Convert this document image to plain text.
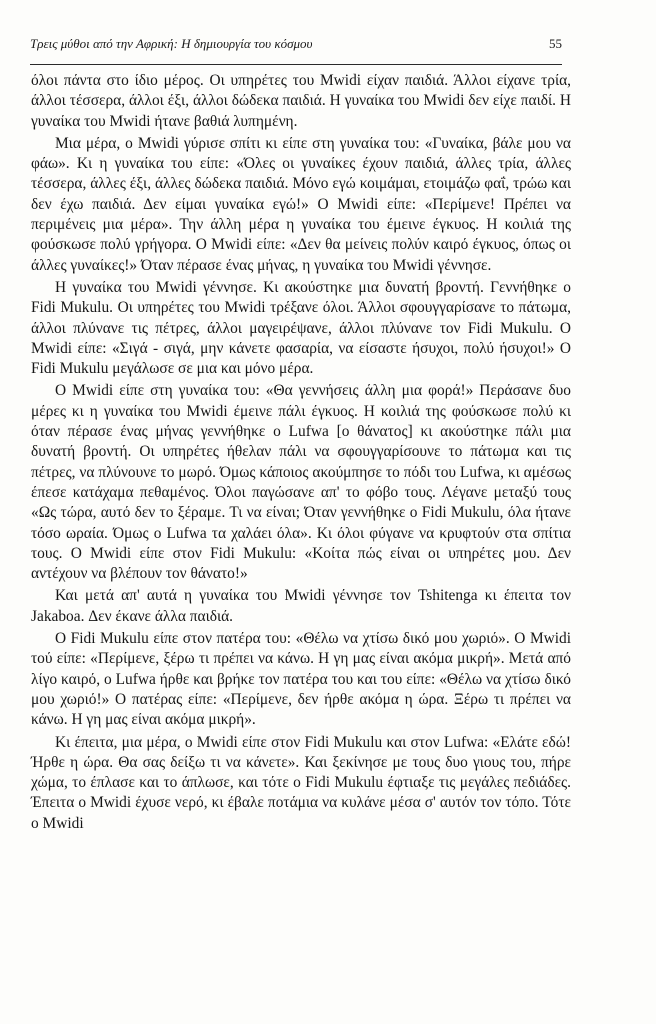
Τρεις μύθοι από την Αφρική: Η δημιουργία του κόσμου	55

όλοι πάντα στο ίδιο μέρος. Οι υπηρέτες του Mwidi είχαν παιδιά. Άλλοι είχανε τρία, άλλοι τέσσερα, άλλοι έξι, άλλοι δώδεκα παιδιά. Η γυναίκα του Mwidi δεν είχε παιδί. Η γυναίκα του Mwidi ήτανε βαθιά λυπημένη.

Μια μέρα, ο Mwidi γύρισε σπίτι κι είπε στη γυναίκα του: «Γυναίκα, βάλε μου να φάω». Κι η γυναίκα του είπε: «Όλες οι γυναίκες έχουν παιδιά, άλλες τρία, άλλες τέσσερα, άλλες έξι, άλλες δώδεκα παιδιά. Μόνο εγώ κοιμάμαι, ετοιμάζω φαΐ, τρώω και δεν έχω παιδιά. Δεν είμαι γυναίκα εγώ!» Ο Mwidi είπε: «Περίμενε! Πρέπει να περιμένεις μια μέρα». Την άλλη μέρα η γυναίκα του έμεινε έγκυος. Η κοιλιά της φούσκωσε πολύ γρήγορα. Ο Mwidi είπε: «Δεν θα μείνεις πολύν καιρό έγκυος, όπως οι άλλες γυναίκες!» Όταν πέρασε ένας μήνας, η γυναίκα του Mwidi γέννησε.

Η γυναίκα του Mwidi γέννησε. Κι ακούστηκε μια δυνατή βροντή. Γεννήθηκε ο Fidi Mukulu. Οι υπηρέτες του Mwidi τρέξανε όλοι. Άλλοι σφουγγαρίσανε το πάτωμα, άλλοι πλύνανε τις πέτρες, άλλοι μαγειρέψανε, άλλοι πλύνανε τον Fidi Mukulu. Ο Mwidi είπε: «Σιγά - σιγά, μην κάνετε φασαρία, να είσαστε ήσυχοι, πολύ ήσυχοι!» Ο Fidi Mukulu μεγάλωσε σε μια και μόνο μέρα.

Ο Mwidi είπε στη γυναίκα του: «Θα γεννήσεις άλλη μια φορά!» Περάσανε δυο μέρες κι η γυναίκα του Mwidi έμεινε πάλι έγκυος. Η κοιλιά της φούσκωσε πολύ κι όταν πέρασε ένας μήνας γεννήθηκε ο Lufwa [ο θάνατος] κι ακούστηκε πάλι μια δυνατή βροντή. Οι υπηρέτες ήθελαν πάλι να σφουγγαρίσουνε το πάτωμα και τις πέτρες, να πλύνουνε το μωρό. Όμως κάποιος ακούμπησε το πόδι του Lufwa, κι αμέσως έπεσε κατάχαμα πεθαμένος. Όλοι παγώσανε απ' το φόβο τους. Λέγανε μεταξύ τους «Ως τώρα, αυτό δεν το ξέραμε. Τι να είναι; Όταν γεννήθηκε ο Fidi Mukulu, όλα ήτανε τόσο ωραία. Όμως ο Lufwa τα χαλάει όλα». Κι όλοι φύγανε να κρυφτούν στα σπίτια τους. Ο Mwidi είπε στον Fidi Mukulu: «Κοίτα πώς είναι οι υπηρέτες μου. Δεν αντέχουν να βλέπουν τον θάνατο!»

Και μετά απ' αυτά η γυναίκα του Mwidi γέννησε τον Tshitenga κι έπειτα τον Jakaboa. Δεν έκανε άλλα παιδιά.

Ο Fidi Mukulu είπε στον πατέρα του: «Θέλω να χτίσω δικό μου χωριό». Ο Mwidi τού είπε: «Περίμενε, ξέρω τι πρέπει να κάνω. Η γη μας είναι ακόμα μικρή». Μετά από λίγο καιρό, ο Lufwa ήρθε και βρήκε τον πατέρα του και του είπε: «Θέλω να χτίσω δικό μου χωριό!» Ο πατέρας είπε: «Περίμενε, δεν ήρθε ακόμα η ώρα. Ξέρω τι πρέπει να κάνω. Η γη μας είναι ακόμα μικρή».

Κι έπειτα, μια μέρα, ο Mwidi είπε στον Fidi Mukulu και στον Lufwa: «Ελάτε εδώ! Ήρθε η ώρα. Θα σας δείξω τι να κάνετε». Και ξεκίνησε με τους δυο γιους του, πήρε χώμα, το έπλασε και το άπλωσε, και τότε ο Fidi Mukulu έφτιαξε τις μεγάλες πεδιάδες. Έπειτα ο Mwidi έχυσε νερό, κι έβαλε ποτάμια να κυλάνε μέσα σ' αυτόν τον τόπο. Τότε ο Mwidi
